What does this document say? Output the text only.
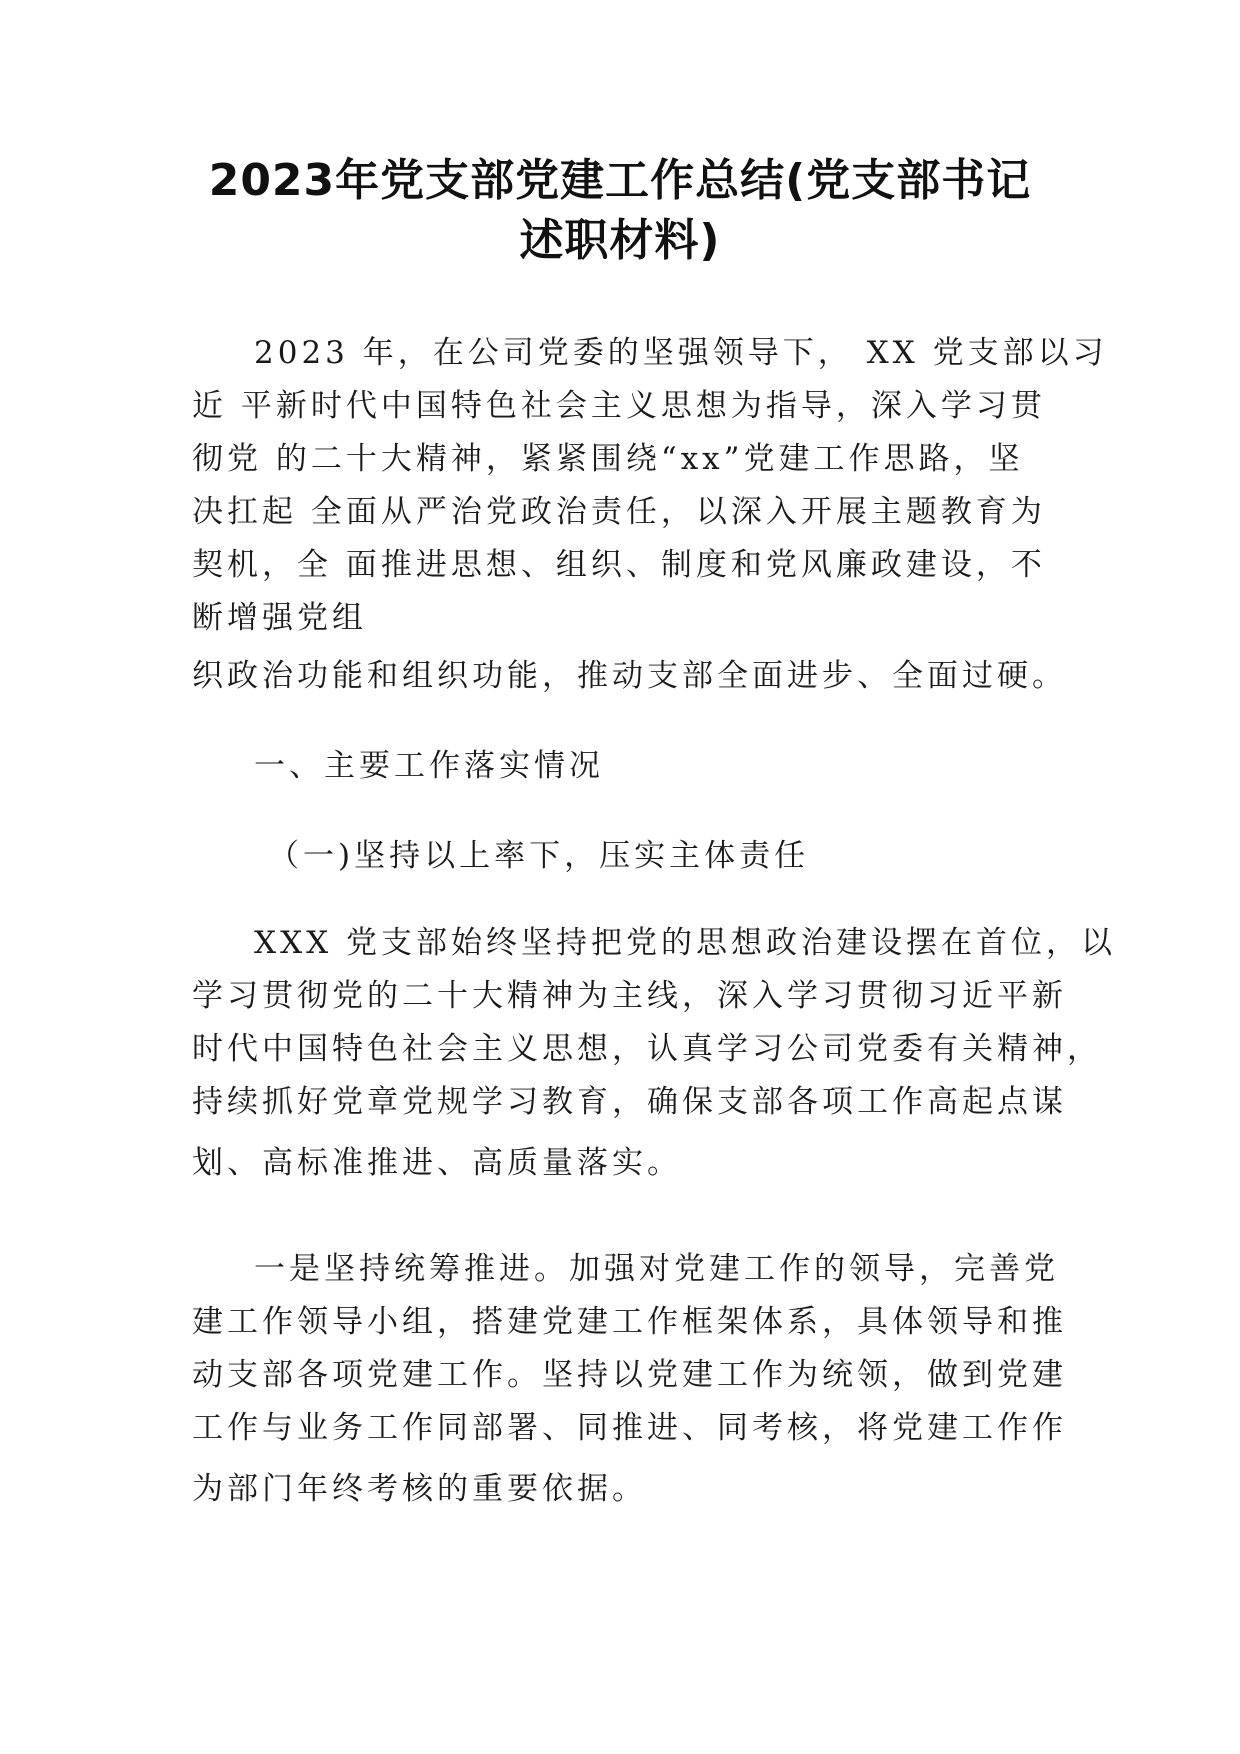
2023年党支部党建工作总结(党支部书记
述职材料)
2023 年，在公司党委的坚强领导下， XX 党支部以习
近 平新时代中国特色社会主义思想为指导，深入学习贯
彻党 的二十大精神，紧紧围绕“xx”党建工作思路，坚
决扛起 全面从严治党政治责任，以深入开展主题教育为
契机，全 面推进思想、组织、制度和党风廉政建设，不
断增强党组
织政治功能和组织功能，推动支部全面进步、全面过硬。
一、主要工作落实情况
（一)坚持以上率下，压实主体责任
XXX 党支部始终坚持把党的思想政治建设摆在首位，以
学习贯彻党的二十大精神为主线，深入学习贯彻习近平新
时代中国特色社会主义思想，认真学习公司党委有关精神，
持续抓好党章党规学习教育，确保支部各项工作高起点谋
划、高标准推进、高质量落实。
一是坚持统筹推进。加强对党建工作的领导，完善党
建工作领导小组，搭建党建工作框架体系，具体领导和推
动支部各项党建工作。坚持以党建工作为统领，做到党建
工作与业务工作同部署、同推进、同考核，将党建工作作
为部门年终考核的重要依据。
